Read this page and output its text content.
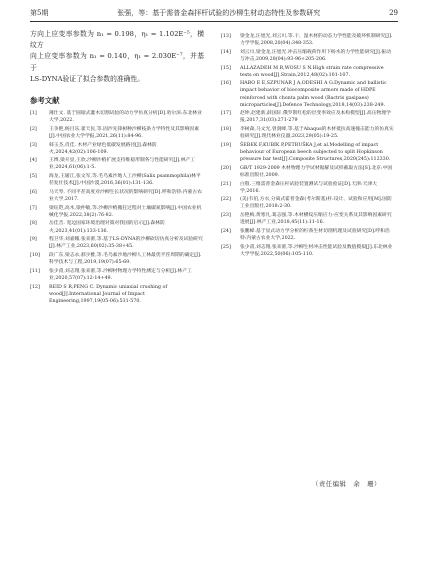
第5期	张强，等：基于需普金森拝杆试验的沙柳生材动态特性及参数研究	29

方向上应变率参数为 n₁ = 0.198，η₁ = 1.102E⁻⁵，横纹方
向上应变率参数为 n₁ = 0.140，η₁ = 2.030E⁻⁷，并基于
LS-DYNA验证了拟合参数的准确性。

参考文献
[1]	薄仕文. 基于圆锯式灌木切割试验的动力学仿真分析[D].哈尔滨:东北林业大学,2022.
[2]	王争艳,杨目乐,翟天民,等.固沙先锋树种沙柳枝条力学特性及其影响因素[J].中国农业大学学报,2021,26(11):84-96.
[3]	韩玉杰,肖佳. 木材产业绿色低碳发展路径[J].森林防火,2024,42(02):106-109.
[4]	王博,梁开显,王欣.沙柳沙梢扩展支持维稳形制各与性能研究[J].林产工业,2024,61(06):1-5.
[5]	海龙,王媛江,张文军,等.毛乌素沙地人工沙柳(Salix psammophila)林平茬复壮技术[J].中国沙漠,2016,36(01):131-136.
[6]	马天琴. 不同平茬高度对沙柳生长状况的影响研究[D].呼和浩特:内蒙古农业大学,2017.
[7]	梁钰铠,高木,梁仲敏,等.沙柳沙梢搬狂过程对土壤碳氮影响[J].中国农业机械化学报,2022,38(2):76-82.
[8]	岳佳音. 宽边国家环境治理对策对我国的启示[J].森林防火,2023,41(01):133-136.
[9]	程卫华,刘嘉娜,张来蕾,等.基于LS-DYNA的沙柳砍切仿真分析及试验研究[J].林产工业,2023,60(02):35-38+45.
[10]	段广东,梁志永,郝少雅,等.毛乌素沙地沙柳人工林最优平茬周期的确定[J].科学技术与工程,2019,19(07):65-69.
[11]	张少甫,刘志翔,张来蕾,等.沙柳材物理力学特性测定与分析[J].林产工业,2020,57(07):12-14+49.
[12]	REID S R,PENG C. Dynamic uniaxial crushing of wood[J].International Journal of Impact Engineering,1997,19(05-06):531-570.
[13]	梁金龙,汪旭光,刘云川,等.干、湿木材的动态力学性能及破坏机制研究[J].力学学报,2008,20(04):348-353.
[14]	刘云川,梁金龙,汪旭光.冲击压缩载荷作用下杨木的力学性能研究[J].振动与冲击,2009,28(04):93-96+205-206.
[15]	ALLAZADEH M R,WOSU S N.High strain rate compressive tests on wood[J].Strain,2012,48(02):101-107.
[16]	HABO E E,SZPUNAR J A,ODESHI A G.Dynamic and ballistic impact behavior of biocomposite armors made of HDPE reinforced with chonta palm wood (Bactris gasipaes) microparticles[J].Defence Technology,2018,14(03):238-249.
[17]	赵坤,赵建新,薛国轩.俄罗斯红松的层变率效应及本构模型[J].高压物理学报,2017,31(03):271-279
[18]	李树森,马文光,曾润峰,等.基于Abaqus的木材抵抗高速撞击能力的仿真实验研究[J].现代林业仪器,2023,29(05):19-25.
[19]	ŠEBEK F,KUBÍK P,PETRUŠKA J,et al.Modelling of impact behaviour of European beech subjected to split Hopkinson pressure bar test[J].Composite Structures,2020(245):112330.
[20]	GB/T 1929-2009 木材物理力学试材锯解及试样截取方法[S].北京:中国标准出版社,2009.
[21]	白殷.三维需普金森压杆试验装置测试与试验验证[D].天津:天津大学,2016.
[22]	(美)韦伯,方衣,分离式霍普金森(考尔斯基)杆:设计、试验和应用[M].国防工业出版社,2018:2-30.
[23]	岳艳梅,黄寒凡,葛志强,等.木材横纹压缩应力-应变关系及其影响因素研究进展[J].林产工业,2018,45(11):11-16.
[24]	张鹏峰.基于显式动力学分析的柠条生材切削机理及试验研究[D].呼和浩特:内蒙古农业大学,2022.
[25]	张少甫,刘志翔,张来蕾,等.沙柳生材冲击性能试验及数值模拟[J].东北林业大学学报,2022,50(06):105-110.
（责任编辑　余　珊）
